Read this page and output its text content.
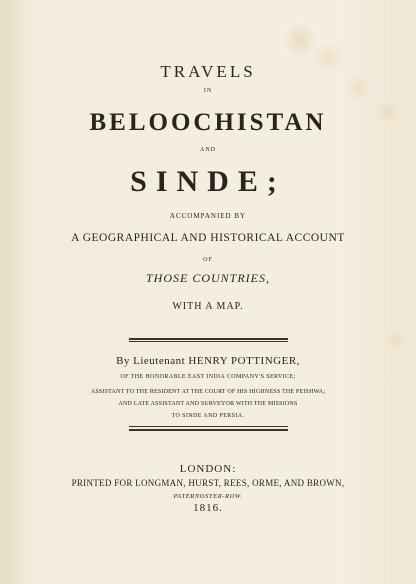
TRAVELS
IN
BELOOCHISTAN
AND
SINDE;
ACCOMPANIED BY
A GEOGRAPHICAL AND HISTORICAL ACCOUNT
OF
THOSE COUNTRIES,
WITH A MAP.
By Lieutenant HENRY POTTINGER,
OF THE HONORABLE EAST INDIA COMPANY'S SERVICE;
ASSISTANT TO THE RESIDENT AT THE COURT OF HIS HIGHNESS THE PEISHWA;
AND LATE ASSISTANT AND SURVEYOR WITH THE MISSIONS
TO SINDE AND PERSIA.
LONDON:
PRINTED FOR LONGMAN, HURST, REES, ORME, AND BROWN,
PATERNOSTER-ROW.
1816.
